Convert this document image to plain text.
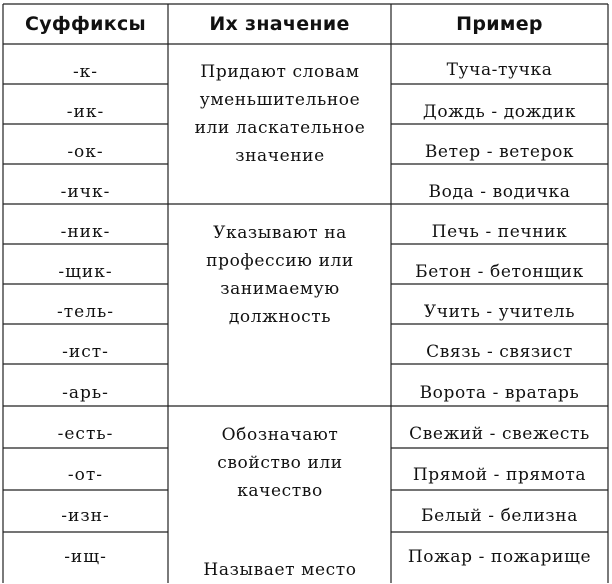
Суффиксы	Их значение	Пример
-к-
-ик-
-ок-
-ичк-
-ник-
-щик-
-тель-
-ист-
-арь-
-есть-
-от-
-изн-
-ищ-
Туча-тучка
Дождь - дождик
Ветер - ветерок
Вода - водичка
Печь - печник
Бетон - бетонщик
Учить - учитель
Связь - связист
Ворота - вратарь
Свежий - свежесть
Прямой - прямота
Белый - белизна
Пожар - пожарище
Придают словам
уменьшительное
или ласкательное
значение
Указывают на
профессию или
занимаемую
должность
Обозначают
свойство или
качество
Называет место
